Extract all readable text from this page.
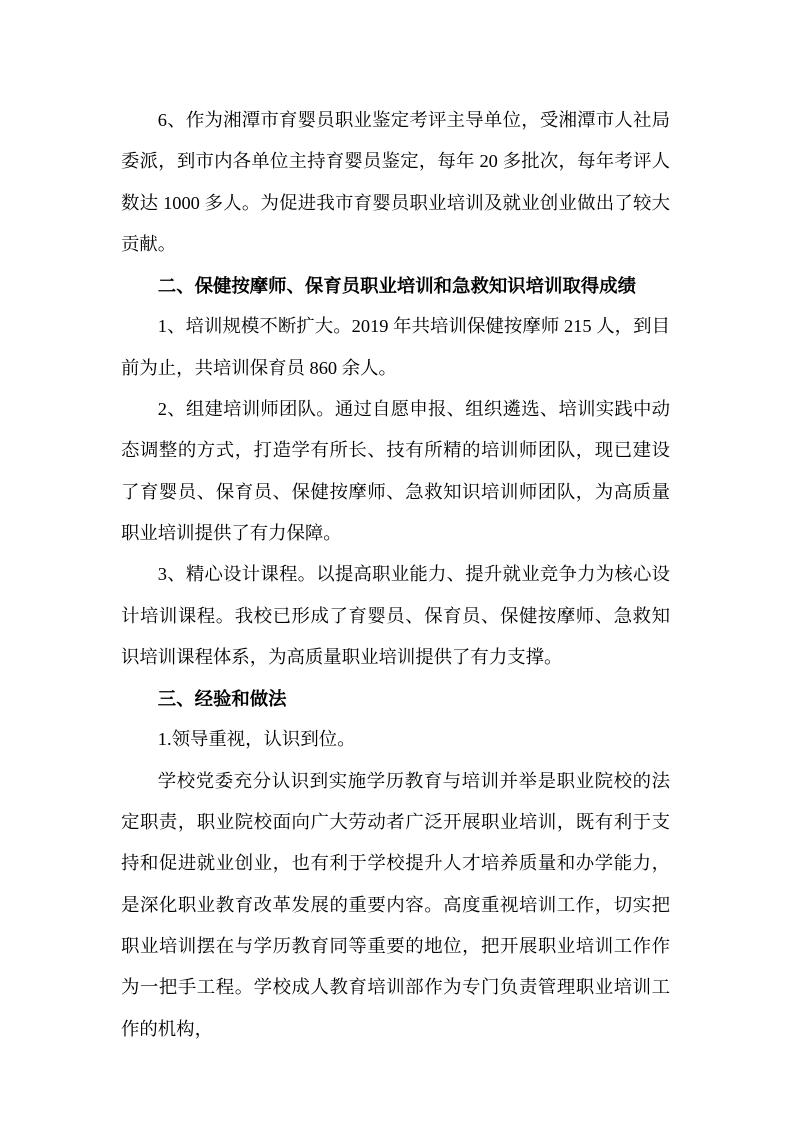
6、作为湘潭市育婴员职业鉴定考评主导单位，受湘潭市人社局委派，到市内各单位主持育婴员鉴定，每年 20 多批次，每年考评人数达 1000 多人。为促进我市育婴员职业培训及就业创业做出了较大贡献。

二、保健按摩师、保育员职业培训和急救知识培训取得成绩

1、培训规模不断扩大。2019 年共培训保健按摩师 215 人，到目前为止，共培训保育员 860 余人。

2、组建培训师团队。通过自愿申报、组织遴选、培训实践中动态调整的方式，打造学有所长、技有所精的培训师团队，现已建设了育婴员、保育员、保健按摩师、急救知识培训师团队，为高质量职业培训提供了有力保障。

3、精心设计课程。以提高职业能力、提升就业竞争力为核心设计培训课程。我校已形成了育婴员、保育员、保健按摩师、急救知识培训课程体系，为高质量职业培训提供了有力支撑。

三、经验和做法

1.领导重视，认识到位。

学校党委充分认识到实施学历教育与培训并举是职业院校的法定职责，职业院校面向广大劳动者广泛开展职业培训，既有利于支持和促进就业创业，也有利于学校提升人才培养质量和办学能力，是深化职业教育改革发展的重要内容。高度重视培训工作，切实把职业培训摆在与学历教育同等重要的地位，把开展职业培训工作作为一把手工程。学校成人教育培训部作为专门负责管理职业培训工作的机构，
